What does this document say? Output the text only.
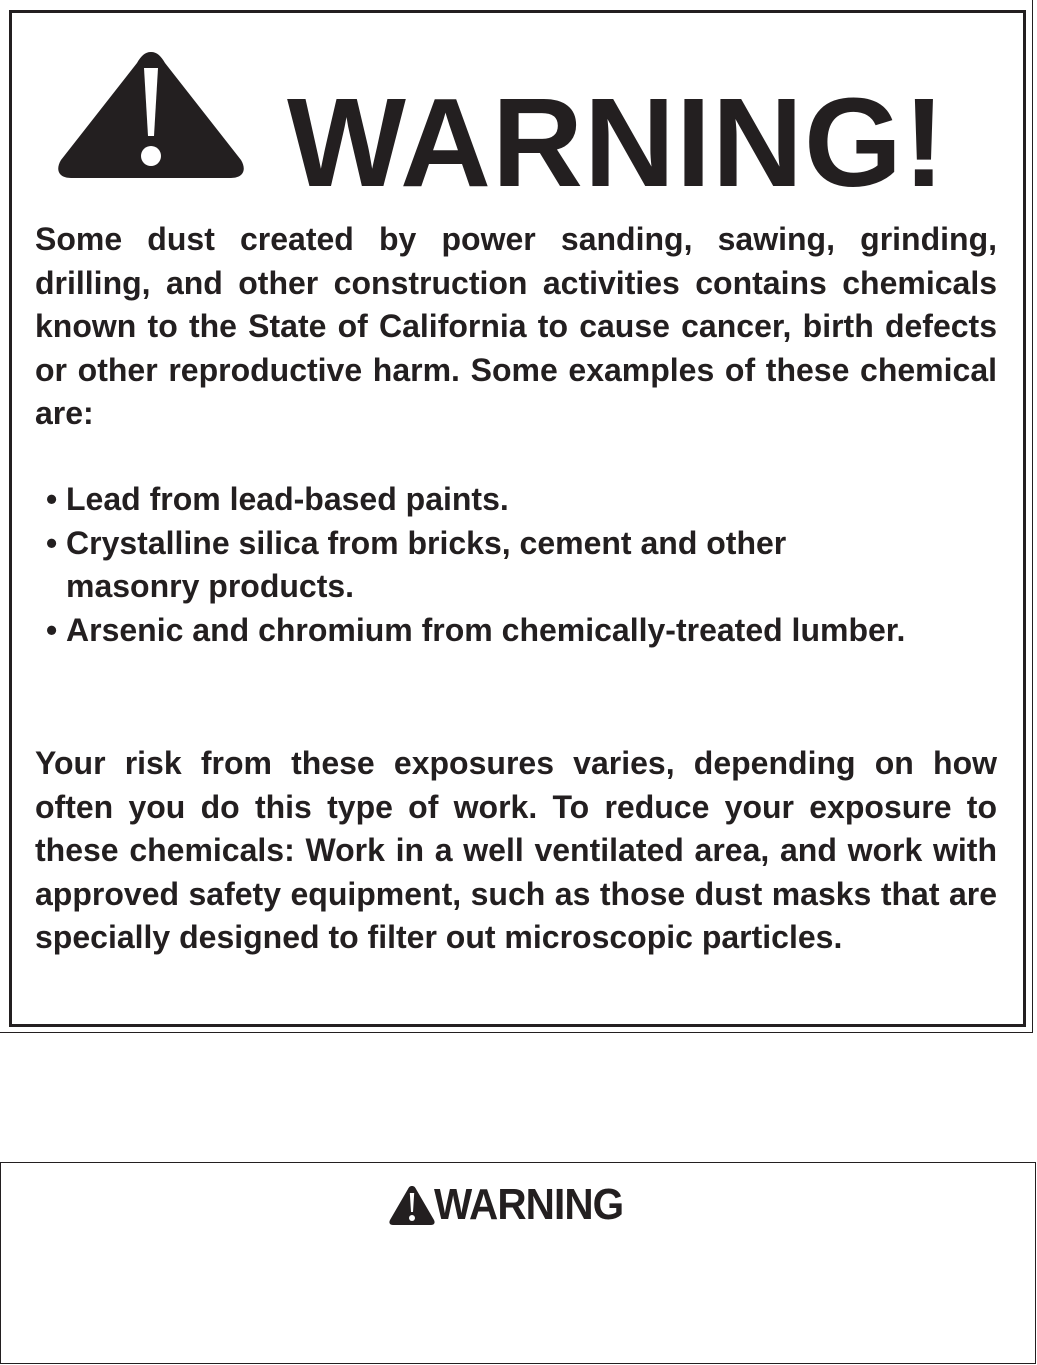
WARNING!

Some dust created by power sanding, sawing, grinding, drilling, and other construction activities contains chemicals known to the State of California to cause cancer, birth defects or other reproductive harm. Some examples of these chemical are:

• Lead from lead-based paints.
• Crystalline silica from bricks, cement and other masonry products.
• Arsenic and chromium from chemically-treated lumber.

Your risk from these exposures varies, depending on how often you do this type of work. To reduce your exposure to these chemicals: Work in a well ventilated area, and work with approved safety equipment, such as those dust masks that are specially designed to filter out microscopic particles.

WARNING
